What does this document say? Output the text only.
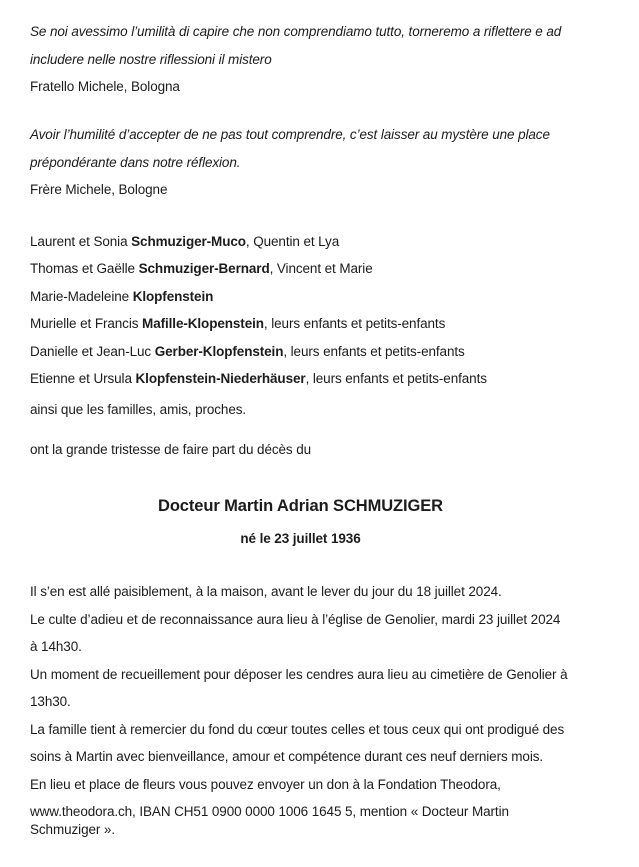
Se noi avessimo l’umilità di capire che non comprendiamo tutto, torneremo a riflettere e ad
includere nelle nostre riflessioni il mistero
Fratello Michele, Bologna
Avoir l’humilité d’accepter de ne pas tout comprendre, c’est laisser au mystère une place
prépondérante dans notre réflexion.
Frère Michele, Bologne
Laurent et Sonia Schmuziger-Muco, Quentin et Lya
Thomas et Gaëlle Schmuziger-Bernard, Vincent et Marie
Marie-Madeleine Klopfenstein
Murielle et Francis Mafille-Klopenstein, leurs enfants et petits-enfants
Danielle et Jean-Luc Gerber-Klopfenstein, leurs enfants et petits-enfants
Etienne et Ursula Klopfenstein-Niederhäuser, leurs enfants et petits-enfants
ainsi que les familles, amis, proches.
ont la grande tristesse de faire part du décès du
Docteur Martin Adrian SCHMUZIGER
né le 23 juillet 1936
Il s’en est allé paisiblement, à la maison, avant le lever du jour du 18 juillet 2024.
Le culte d’adieu et de reconnaissance aura lieu à l’église de Genolier, mardi 23 juillet 2024
à 14h30.
Un moment de recueillement pour déposer les cendres aura lieu au cimetière de Genolier à
13h30.
La famille tient à remercier du fond du cœur toutes celles et tous ceux qui ont prodigué des
soins à Martin avec bienveillance, amour et compétence durant ces neuf derniers mois.
En lieu et place de fleurs vous pouvez envoyer un don à la Fondation Theodora,
www.theodora.ch, IBAN CH51 0900 0000 1006 1645 5, mention « Docteur Martin
Schmuziger ».
